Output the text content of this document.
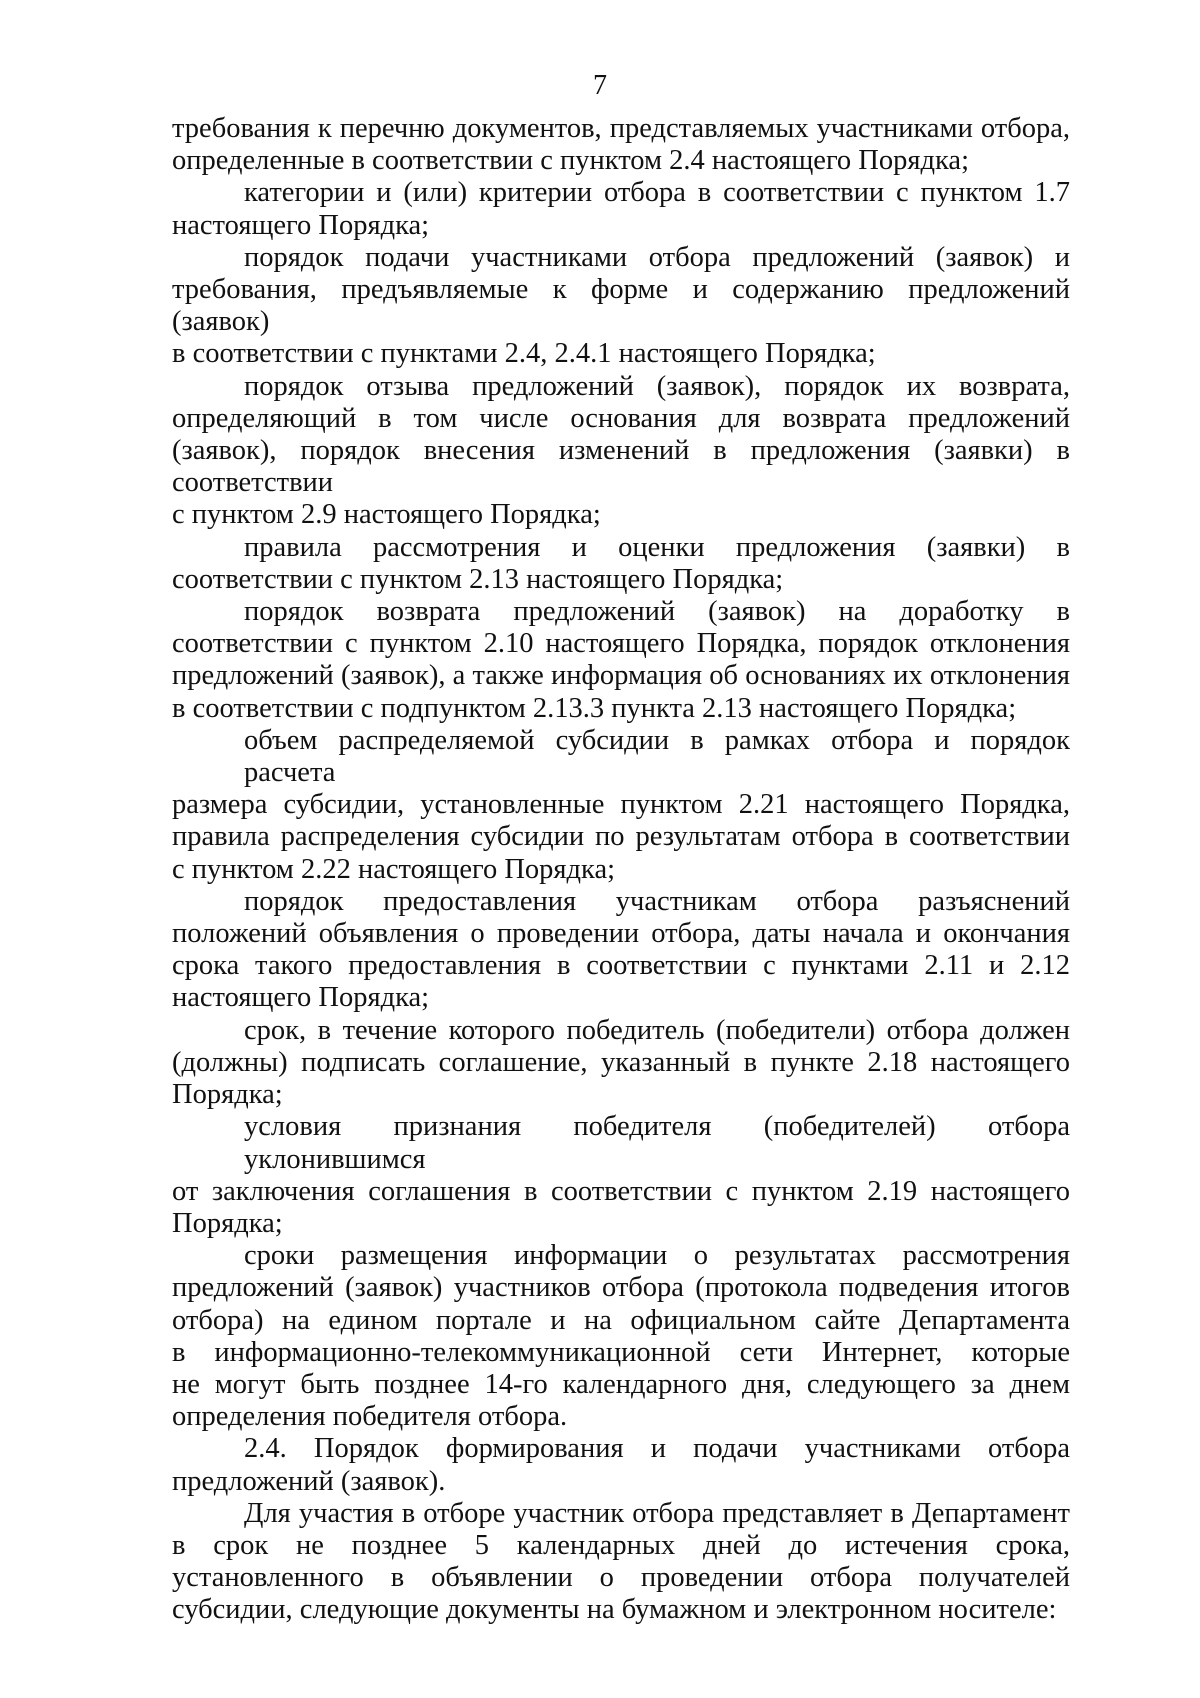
7
требования к перечню документов, представляемых участниками отбора,
определенные в соответствии с пунктом 2.4 настоящего Порядка;
категории и (или) критерии отбора в соответствии с пунктом 1.7
настоящего Порядка;
порядок подачи участниками отбора предложений (заявок) и
требования, предъявляемые к форме и содержанию предложений (заявок)
в соответствии с пунктами 2.4, 2.4.1 настоящего Порядка;
порядок отзыва предложений (заявок), порядок их возврата,
определяющий в том числе основания для возврата предложений
(заявок), порядок внесения изменений в предложения (заявки) в
соответствии
с пунктом 2.9 настоящего Порядка;
правила рассмотрения и оценки предложения (заявки) в
соответствии с пунктом 2.13 настоящего Порядка;
порядок возврата предложений (заявок) на доработку в
соответствии с пунктом 2.10 настоящего Порядка, порядок отклонения
предложений (заявок), а также информация об основаниях их отклонения
в соответствии с подпунктом 2.13.3 пункта 2.13 настоящего Порядка;
объем распределяемой субсидии в рамках отбора и порядок расчета
размера субсидии, установленные пунктом 2.21 настоящего Порядка,
правила распределения субсидии по результатам отбора в соответствии
с пунктом 2.22 настоящего Порядка;
порядок предоставления участникам отбора разъяснений
положений объявления о проведении отбора, даты начала и окончания
срока такого предоставления в соответствии с пунктами 2.11 и 2.12
настоящего Порядка;
срок, в течение которого победитель (победители) отбора должен
(должны) подписать соглашение, указанный в пункте 2.18 настоящего
Порядка;
условия признания победителя (победителей) отбора уклонившимся
от заключения соглашения в соответствии с пунктом 2.19 настоящего
Порядка;
сроки размещения информации о результатах рассмотрения
предложений (заявок) участников отбора (протокола подведения итогов
отбора) на едином портале и на официальном сайте Департамента
в информационно-телекоммуникационной сети Интернет, которые
не могут быть позднее 14-го календарного дня, следующего за днем
определения победителя отбора.
2.4. Порядок формирования и подачи участниками отбора
предложений (заявок).
Для участия в отборе участник отбора представляет в Департамент
в срок не позднее 5 календарных дней до истечения срока,
установленного в объявлении о проведении отбора получателей
субсидии, следующие документы на бумажном и электронном носителе:
